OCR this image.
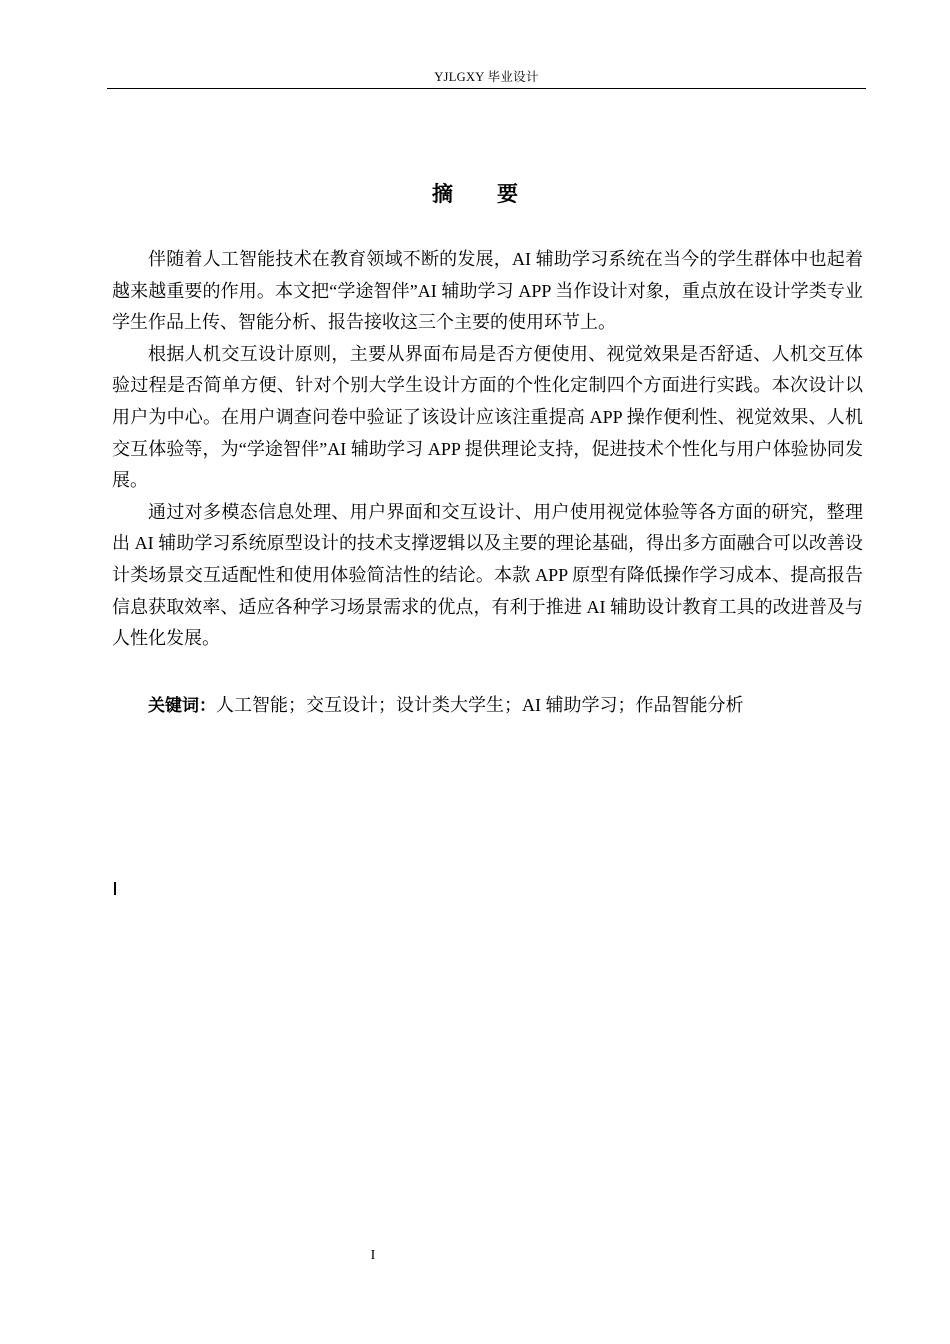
YJLGXY 毕业设计
摘 要

伴随着人工智能技术在教育领域不断的发展，AI 辅助学习系统在当今的学生群体中也起着越来越重要的作用。本文把“学途智伴”AI 辅助学习 APP 当作设计对象，重点放在设计学类专业学生作品上传、智能分析、报告接收这三个主要的使用环节上。

根据人机交互设计原则，主要从界面布局是否方便使用、视觉效果是否舒适、人机交互体验过程是否简单方便、针对个别大学生设计方面的个性化定制四个方面进行实践。本次设计以用户为中心。在用户调查问卷中验证了该设计应该注重提高 APP 操作便利性、视觉效果、人机交互体验等，为“学途智伴”AI 辅助学习 APP 提供理论支持，促进技术个性化与用户体验协同发展。

通过对多模态信息处理、用户界面和交互设计、用户使用视觉体验等各方面的研究，整理出 AI 辅助学习系统原型设计的技术支撑逻辑以及主要的理论基础，得出多方面融合可以改善设计类场景交互适配性和使用体验简洁性的结论。本款 APP 原型有降低操作学习成本、提高报告信息获取效率、适应各种学习场景需求的优点，有利于推进 AI 辅助设计教育工具的改进普及与人性化发展。

关键词：人工智能；交互设计；设计类大学生；AI 辅助学习；作品智能分析
I
